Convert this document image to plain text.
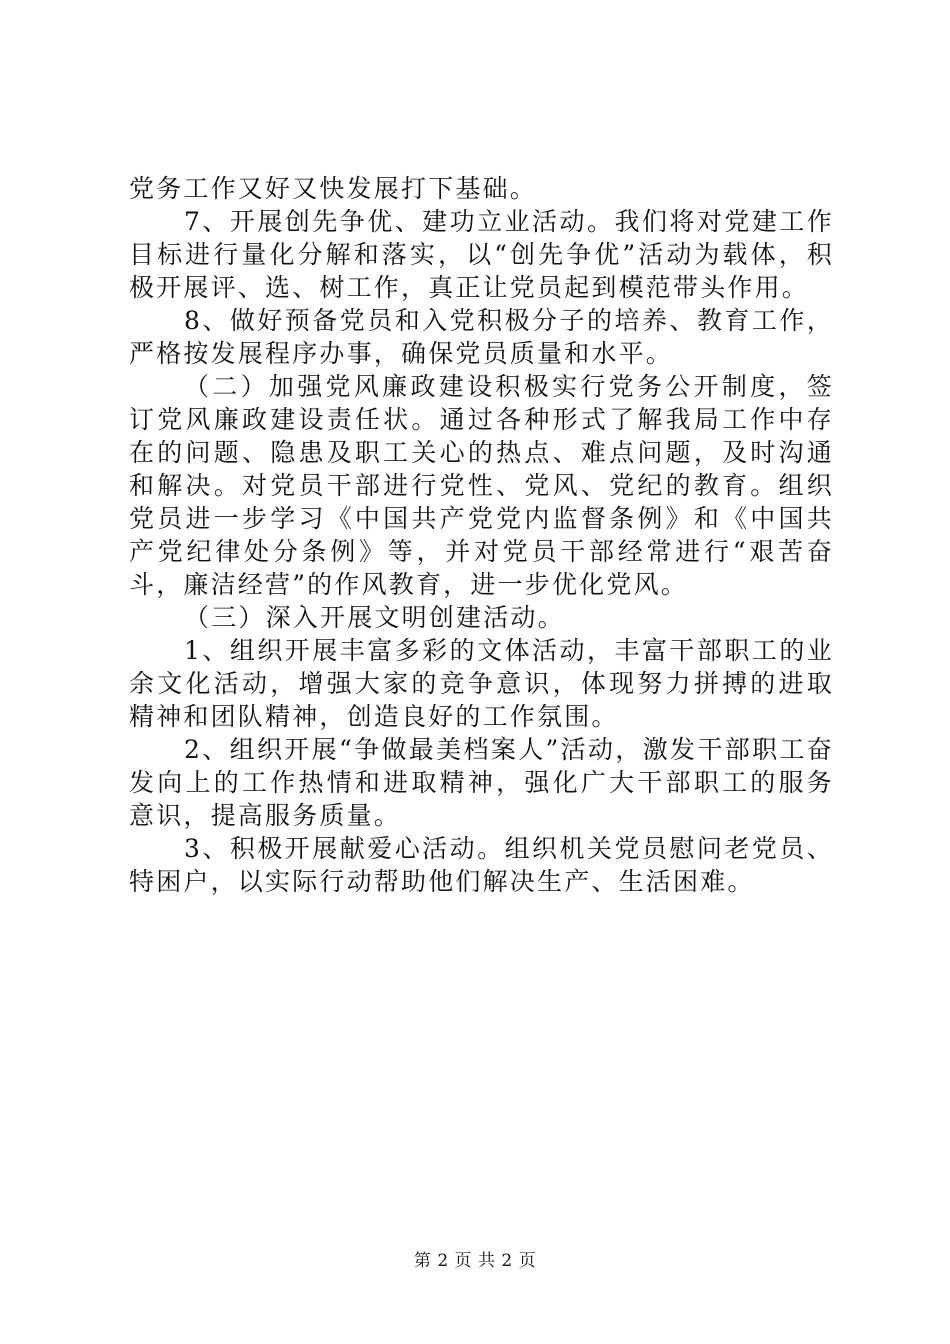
党务工作又好又快发展打下基础。

7、开展创先争优、建功立业活动。我们将对党建工作目标进行量化分解和落实，以“创先争优”活动为载体，积极开展评、选、树工作，真正让党员起到模范带头作用。

8、做好预备党员和入党积极分子的培养、教育工作，严格按发展程序办事，确保党员质量和水平。

（二）加强党风廉政建设积极实行党务公开制度，签订党风廉政建设责任状。通过各种形式了解我局工作中存在的问题、隐患及职工关心的热点、难点问题，及时沟通和解决。对党员干部进行党性、党风、党纪的教育。组织党员进一步学习《中国共产党党内监督条例》和《中国共产党纪律处分条例》等，并对党员干部经常进行“艰苦奋斗，廉洁经营”的作风教育，进一步优化党风。

（三）深入开展文明创建活动。

1、组织开展丰富多彩的文体活动，丰富干部职工的业余文化活动，增强大家的竞争意识，体现努力拼搏的进取精神和团队精神，创造良好的工作氛围。

2、组织开展“争做最美档案人”活动，激发干部职工奋发向上的工作热情和进取精神，强化广大干部职工的服务意识，提高服务质量。

3、积极开展献爱心活动。组织机关党员慰问老党员、特困户，以实际行动帮助他们解决生产、生活困难。

第 2 页 共 2 页
